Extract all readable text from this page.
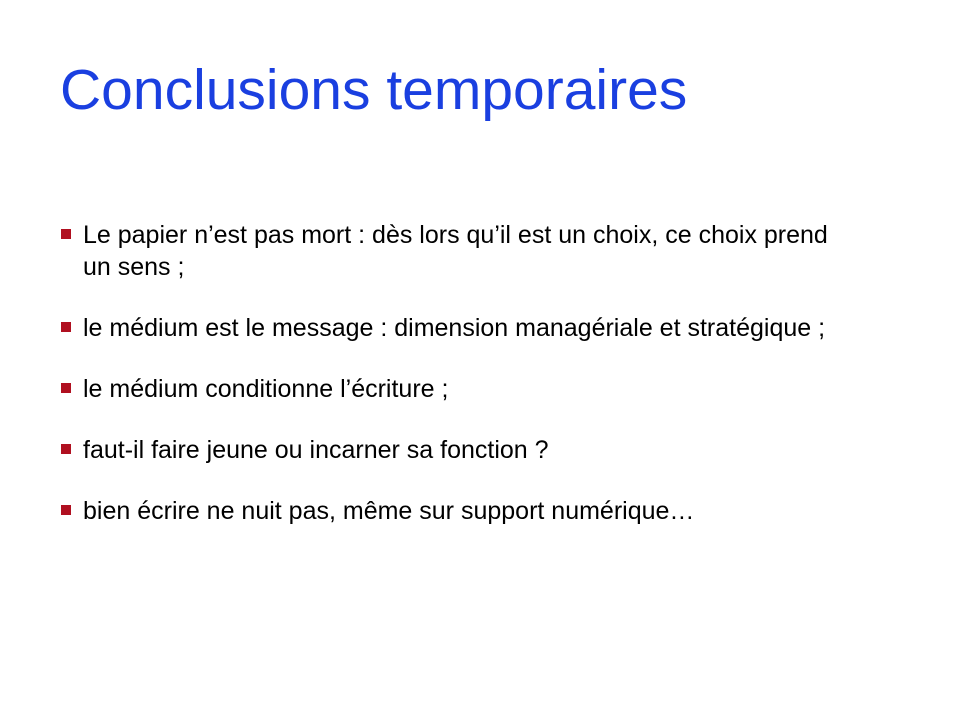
Conclusions temporaires
Le papier n’est pas mort : dès lors qu’il est un choix, ce choix prend un sens ;
le médium est le message : dimension managériale et stratégique ;
le médium conditionne l’écriture ;
faut-il faire jeune ou incarner sa fonction ?
bien écrire ne nuit pas, même sur support numérique…
